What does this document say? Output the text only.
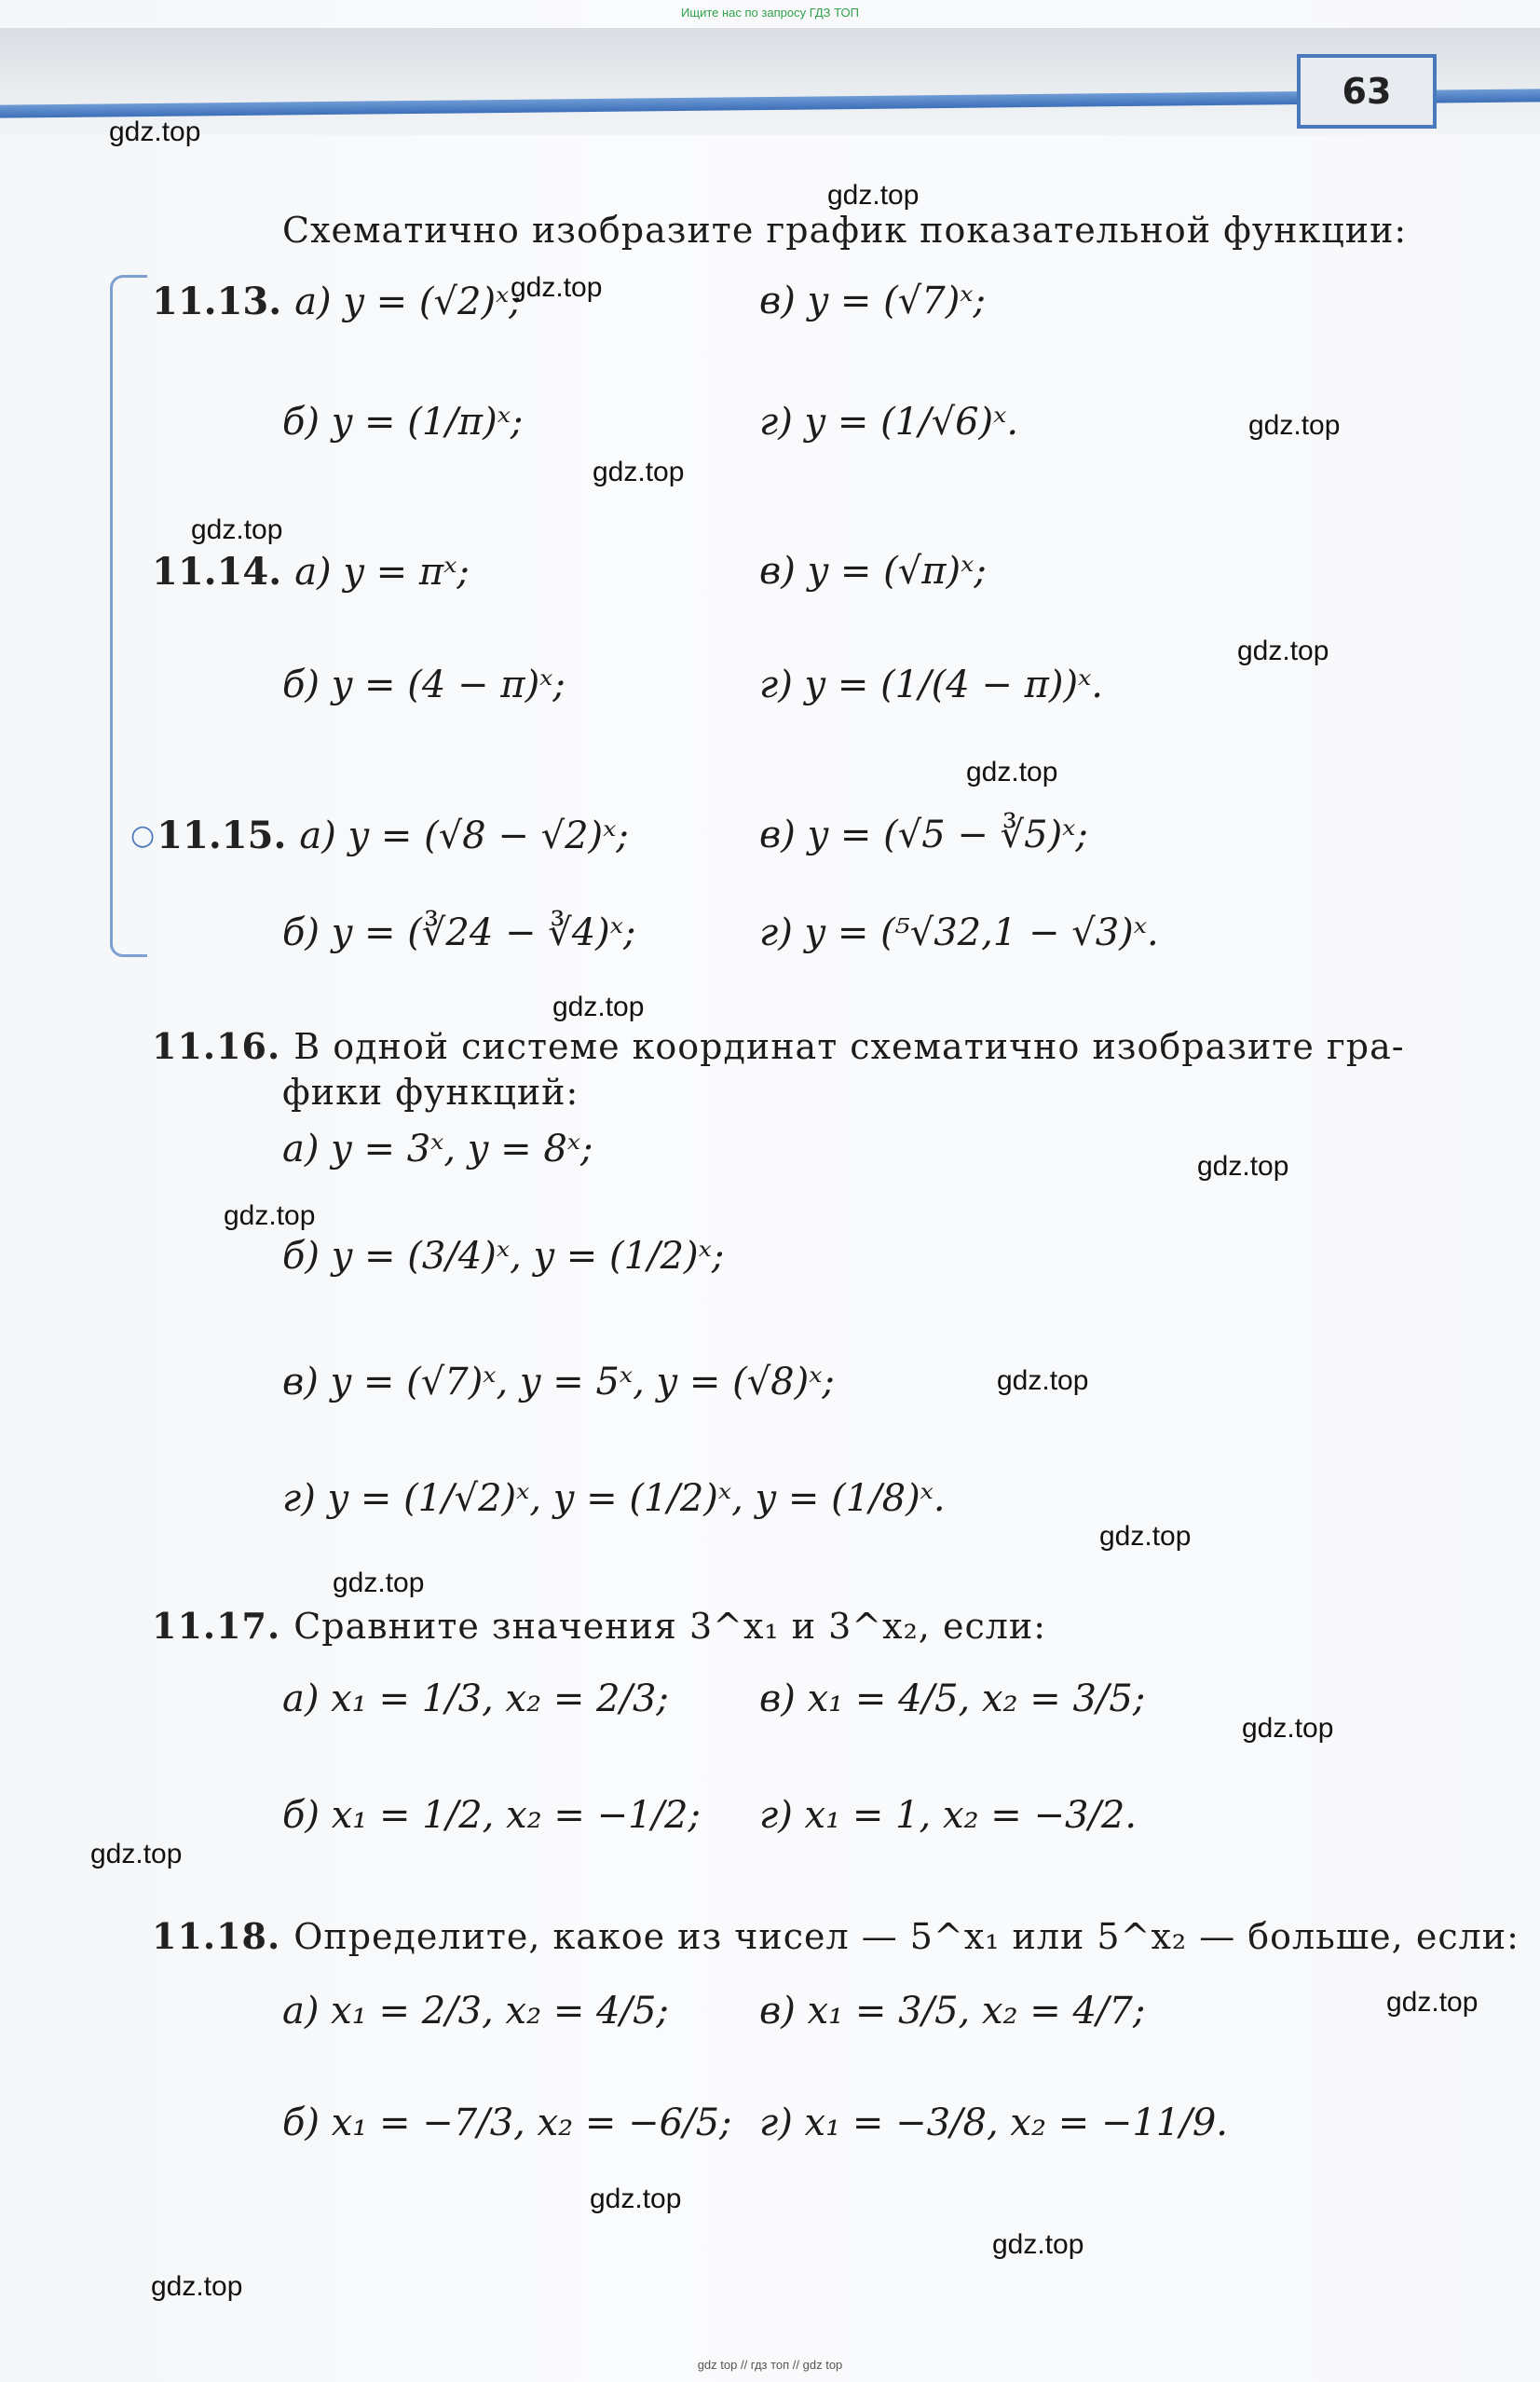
Ищите нас по запросу ГДЗ ТОП
63
Схематично изобразите график показательной функции:
11.13. а) y = (√2)ˣ;	в) y = (√7)ˣ;
б) y = (1/π)ˣ;	г) y = (1/√6)ˣ.
11.14. а) y = πˣ;	в) y = (√π)ˣ;
б) y = (4 − π)ˣ;	г) y = (1/(4 − π))ˣ.
○ 11.15. а) y = (√8 − √2)ˣ;	в) y = (√5 − ∛5)ˣ;
б) y = (∛24 − ∛4)ˣ;	г) y = (⁵√32,1 − √3)ˣ.
11.16. В одной системе координат схематично изобразите гра-
фики функций:
а) y = 3ˣ, y = 8ˣ;
б) y = (3/4)ˣ, y = (1/2)ˣ;
в) y = (√7)ˣ, y = 5ˣ, y = (√8)ˣ;
г) y = (1/√2)ˣ, y = (1/2)ˣ, y = (1/8)ˣ.
11.17. Сравните значения 3^x₁ и 3^x₂, если:
а) x₁ = 1/3, x₂ = 2/3; в) x₁ = 4/5, x₂ = 3/5;
б) x₁ = 1/2, x₂ = −1/2; г) x₁ = 1, x₂ = −3/2.
11.18. Определите, какое из чисел — 5^x₁ или 5^x₂ — больше, если:
а) x₁ = 2/3, x₂ = 4/5; в) x₁ = 3/5, x₂ = 4/7;
б) x₁ = −7/3, x₂ = −6/5; г) x₁ = −3/8, x₂ = −11/9.
gdz.top
gdz.top
gdz.top
gdz.top
gdz.top
gdz.top
gdz.top
gdz.top
gdz.top
gdz.top
gdz.top
gdz.top
gdz.top
gdz.top
gdz.top
gdz.top
gdz.top
gdz.top
gdz.top
gdz.top
gdz top // гдз топ // gdz top
